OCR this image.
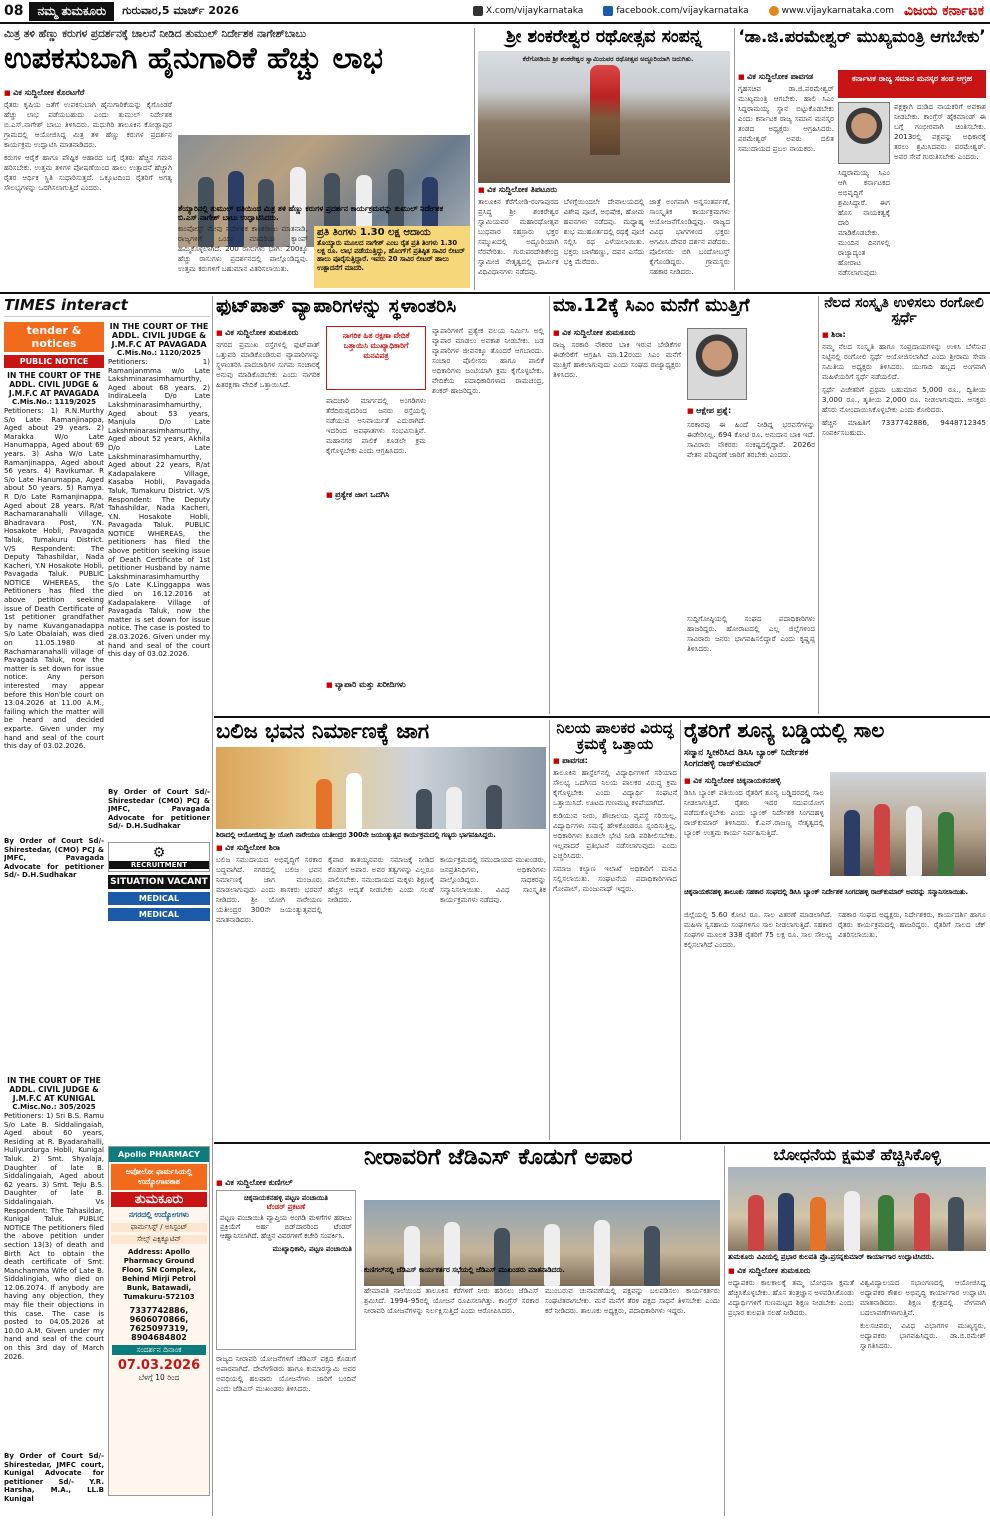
08	ನಮ್ಮ ತುಮಕೂರು	ಗುರುವಾರ,5 ಮಾರ್ಚ್ 2026	X.com/vijaykarnataka	facebook.com/vijaykarnataka	www.vijaykarnataka.com ವಿಜಯ ಕರ್ನಾಟಕ
ಮಿತ್ರ ತಳಿ ಹೆಣ್ಣು ಕರುಗಳ ಪ್ರದರ್ಶನಕ್ಕೆ ಚಾಲನೆ ನೀಡಿದ ತುಮುಲ್ ನಿರ್ದೇಶಕ ನಾಗೇಶ್‌ಬಾಬು
ಉಪಕಸುಬಾಗಿ ಹೈನುಗಾರಿಕೆ ಹೆಚ್ಚು ಲಾಭ
■ ವಿಕ ಸುದ್ದಿಲೋಕ ಕೊರಟಗೆರೆ

ರೈತರು ಕೃಷಿಯ ಜತೆಗೆ ಉಪಕಸುಬಾಗಿ ಹೈನುಗಾರಿಕೆಯನ್ನು ಕೈಗೊಂಡರೆ ಹೆಚ್ಚು ಲಾಭ ಪಡೆಯಬಹುದು ಎಂದು ತುಮುಲ್ ನಿರ್ದೇಶಕ ಬಿ.ಎಸ್.ನಾಗೇಶ್ ಬಾಬು ತಿಳಿಸಿದರು. ಮಧುಗಿರಿ ತಾಲೂಕಿನ ಕೋಡ್ಲಾಪುರ ಗ್ರಾಮದಲ್ಲಿ ಆಯೋಜಿಸಿದ್ದ ಮಿತ್ರ ತಳಿ ಹೆಣ್ಣು ಕರುಗಳ ಪ್ರದರ್ಶನ ಕಾರ್ಯಕ್ರಮ ಉದ್ಘಾಟಿಸಿ ಮಾತನಾಡಿದರು.

ಕರುಗಳ ಆರೈಕೆ ಹಾಗೂ ಪೌಷ್ಟಿಕ ಆಹಾರದ ಬಗ್ಗೆ ರೈತರು ಹೆಚ್ಚಿನ ಗಮನ ಹರಿಸಬೇಕು. ಉತ್ತಮ ತಳಿಗಳ ಪೋಷಣೆಯಿಂದ ಹಾಲು ಉತ್ಪಾದನೆ ಹೆಚ್ಚಾಗಿ ರೈತರ ಆರ್ಥಿಕ ಸ್ಥಿತಿ ಸುಧಾರಿಸುತ್ತದೆ. ಒಕ್ಕೂಟದಿಂದ ರೈತರಿಗೆ ಅಗತ್ಯ ಸೌಲಭ್ಯಗಳನ್ನು ಒದಗಿಸಲಾಗುತ್ತಿದೆ ಎಂದರು.

ತೆಯ್ಯಾರಿನಲ್ಲಿ ತುಮುಲ್ ವತಿಯಿಂದ ಮಿತ್ರ ತಳಿ ಹೆಣ್ಣು ಕರುಗಳ ಪ್ರದರ್ಶನ ಕಾರ್ಯಕ್ರಮವನ್ನು ತುಮುಲ್ ನಿರ್ದೇಶಕ ಬಿ.ಎಸ್.ನಾಗೇಶ್ ಬಾಬು ಉದ್ಘಾಟಿಸಿದರು.
ಕಾಂಪೋಸ್ಟ್ ಮೇವು ನಿರ್ದೇಶಕ ಕಾಂತರಾಜು ಮಾತನಾಡಿ, ರಾಜ್ಯಗಳಿಗೆ ಒಂದು ಮಾದರಿಯ ಕ್ಯಾಂಪ್ ಹಮ್ಮಿಕೊಳ್ಳಲಾಗಿದೆ. 200 ರಾಸುಗಳು ಭಾಗಿ: 200ಕ್ಕೂ ಹೆಚ್ಚು ರಾಸುಗಳು ಪ್ರದರ್ಶನದಲ್ಲಿ ಪಾಲ್ಗೊಂಡಿದ್ದವು. ಉತ್ತಮ ಕರುಗಳಿಗೆ ಬಹುಮಾನ ವಿತರಿಸಲಾಯಿತು.
ಪ್ರತಿ ತಿಂಗಳು 1.30 ಲಕ್ಷ ಆದಾಯ
ತೊಯ್ಯಾರು ಮೂಲದ ನಾಗೇಶ್ ಎಂಬ ರೈತ ಪ್ರತಿ ತಿಂಗಳು 1.30 ಲಕ್ಷ ರೂ. ಲಾಭ ಪಡೆಯುತ್ತಿದ್ದು, ಹೊಂಗ್‌ಗೆ ಪ್ರತಿಷ್ಠಿತ ಸಾವಿರ ಲೀಟರ್ ಹಾಲು ಪೂರೈಸುತ್ತಿದ್ದಾರೆ. ಇವರು 20 ಸಾವಿರ ಲೀಟರ್ ಹಾಲು ಉತ್ಪಾದನೆಗೆ ಮಾದರಿ.
ಶ್ರೀ ಶಂಕರೇಶ್ವರ ರಥೋತ್ಸವ ಸಂಪನ್ನ
ಕೆರೆಗೋಡಿಯ ಶ್ರೀ ಶಂಕರೇಶ್ವರ ಸ್ವಾಮಿಯವರ ರಥೋತ್ಸವ ಅದ್ದೂರಿಯಾಗಿ ಜರುಗಿತು.
■ ವಿಕ ಸುದ್ದಿಲೋಕ ತಿಪಟೂರು
ತಾಲೂಕಿನ ಕೆರೆಗೋಡಿ-ರಂಗಾಪುರದ ಪ್ರಸಿದ್ಧ ಶ್ರೀ ಶಂಕರೇಶ್ವರ ಸ್ವಾಮಿಯವರ ಮಹಾರಥೋತ್ಸವ ಬುಧವಾರ ಸಹಸ್ರಾರು ಭಕ್ತರ ಸಮ್ಮುಖದಲ್ಲಿ ಅದ್ದೂರಿಯಾಗಿ ನೆರವೇರಿತು. ಗುರುಪರದೇಶಿಕೇಂದ್ರ ಸ್ವಾಮೀಜಿ ನೇತೃತ್ವದಲ್ಲಿ ಧಾರ್ಮಿಕ ವಿಧಿವಿಧಾನಗಳು ನಡೆದವು.
ಬೆಳಗ್ಗೆಯಿಂದಲೇ ದೇವಾಲಯದಲ್ಲಿ ವಿಶೇಷ ಪೂಜೆ, ಅಭಿಷೇಕ, ಹೋಮ ಹವನಗಳು ನಡೆದವು. ಮಧ್ಯಾಹ್ನ ಶುಭ ಮುಹೂರ್ತದಲ್ಲಿ ರಥಕ್ಕೆ ಪೂಜೆ ಸಲ್ಲಿಸಿ ರಥ ಎಳೆಯಲಾಯಿತು. ಭಕ್ತರು ಬಾಳೆಹಣ್ಣು, ದವನ ಎಸೆದು ಭಕ್ತಿ ಮೆರೆದರು.
ಜಾತ್ರೆ ಅಂಗವಾಗಿ ಅನ್ನಸಂತರ್ಪಣೆ, ಸಾಂಸ್ಕೃತಿಕ ಕಾರ್ಯಕ್ರಮಗಳು ಆಯೋಜನೆಗೊಂಡಿದ್ದವು. ರಾಜ್ಯದ ವಿವಿಧ ಭಾಗಗಳಿಂದ ಭಕ್ತರು ಆಗಮಿಸಿ ದೇವರ ದರ್ಶನ ಪಡೆದರು. ಪೊಲೀಸರು ಬಿಗಿ ಬಂದೋಬಸ್ತ್ ಕೈಗೊಂಡಿದ್ದರು. ಗ್ರಾಮಸ್ಥರು ಸಹಕಾರ ನೀಡಿದರು.
‘ಡಾ.ಜಿ.ಪರಮೇಶ್ವರ್ ಮುಖ್ಯಮಂತ್ರಿ ಆಗಬೇಕು’
■ ವಿಕ ಸುದ್ದಿಲೋಕ ಪಾವಗಡ
ಗೃಹಸಚಿವ ಡಾ.ಜಿ.ಪರಮೇಶ್ವರ್ ಮುಖ್ಯಮಂತ್ರಿ ಆಗಬೇಕು. ಹಾಲಿ ಸಿಎಂ ಸಿದ್ದರಾಮಯ್ಯ ಸ್ಥಾನ ಬಿಟ್ಟುಕೊಡಬೇಕು ಎಂದು ಕರ್ನಾಟಕ ರಾಜ್ಯ ಸಮಾನ ಮನಸ್ಕರ ತಂಡದ ಅಧ್ಯಕ್ಷರು ಆಗ್ರಹಿಸಿದರು. ಪರಮೇಶ್ವರ್ ಅವರು ದಲಿತ ಸಮುದಾಯದ ಪ್ರಬಲ ನಾಯಕರು.
ಕರ್ನಾಟಕ ರಾಜ್ಯ ಸಮಾನ ಮನಸ್ಕರ ತಂಡ ಆಗ್ರಹ
ಪಕ್ಷಕ್ಕಾಗಿ ದುಡಿದ ನಾಯಕರಿಗೆ ಅವಕಾಶ ನೀಡಬೇಕು. ಕಾಂಗ್ರೆಸ್ ಹೈಕಮಾಂಡ್ ಈ ಬಗ್ಗೆ ಗಂಭೀರವಾಗಿ ಚಿಂತಿಸಬೇಕು. 2013ರಲ್ಲಿ ಪಕ್ಷವನ್ನು ಅಧಿಕಾರಕ್ಕೆ ತರಲು ಶ್ರಮಿಸಿದವರು ಪರಮೇಶ್ವರ್. ಅವರ ಸೇವೆ ಗುರುತಿಸಬೇಕು ಎಂದರು.
ಸಿದ್ದರಾಮಯ್ಯ ಸಿಎಂ ಆಗಿ ಕರ್ನಾಟಕದ ಅಭಿವೃದ್ಧಿಗೆ ಶ್ರಮಿಸಿದ್ದಾರೆ. ಈಗ ಹೊಸ ನಾಯಕತ್ವಕ್ಕೆ ದಾರಿ ಮಾಡಿಕೊಡಬೇಕು. ಮುಂದಿನ ದಿನಗಳಲ್ಲಿ ರಾಜ್ಯಾದ್ಯಂತ ಹೋರಾಟ ನಡೆಸಲಾಗುವುದು
TIMES interact
tender & notices
PUBLIC NOTICE
IN THE COURT OF THE ADDL. CIVIL JUDGE & J.M.F.C AT PAVAGADA
C.Mis.No.: 1119/2025
Petitioners: 1) R.N.Murthy S/o Late Ramanjinappa, Aged about 29 years. 2) Marakka W/o Late Hanumappa, Aged about 69 years. 3) Asha W/o Late Ramanjinappa, Aged about 56 years. 4) Ravikumar. R S/o Late Hanumappa, Aged about 50 years. 5) Ramya. R D/o Late Ramanjinappa, Aged about 28 years. R/at Rachamaranahalli Village, Bhadravara Post, Y.N. Hosakote Hobli, Pavagada Taluk, Tumakuru District. V/S Respondent: The Deputy Tahashildar, Nada Kacheri, Y.N Hosakote Hobli, Pavagada Taluk. PUBLIC NOTICE WHEREAS, the Petitioners has filed the above petition seeking issue of Death Certificate of 1st petitioner grandfather by name Kuvanganadappa S/o Late Obalaiah, was died on 11.05.1980 at Rachamaranahalli village of Pavagada Taluk, now the matter is set down for issue notice. Any person interested may appear before this Hon'ble court on 13.04.2026 at 11.00 A.M., failing which the matter will be heard and decided exparte. Given under my hand and seal of the court this day of 03.02.2026.
By Order of Court Sd/- Shirestedar, (CMO) PCJ & JMFC, Pavagada Advocate for petitioner Sd/- D.H.Sudhakar
IN THE COURT OF THE ADDL. CIVIL JUDGE & J.M.F.C AT PAVAGADA
C.Mis.No.: 1120/2025
Petitioners: 1) Ramanjanmma w/o Late Lakshminarasimhamurthy, Aged about 68 years. 2) IndiraLeela D/o Late Lakshminarasimhamurthy, Aged about 53 years, Manjula D/o Late Lakshminarasimhamurthy, Aged about 52 years, Akhila D/o Late Lakshminarasimhamurthy, Aged about 22 years, R/at Kadapalakere Village, Kasaba Hobli, Pavagada Taluk, Tumakuru District. V/S Respondent: The Deputy Tahashildar, Nada Kacheri, Y.N. Hosakote Hobli, Pavagada Taluk. PUBLIC NOTICE WHEREAS, the petitioners has filed the above petition seeking issue of Death Certificate of 1st petitioner Husband by name Lakshminarasimhamurthy S/o Late K.Linggappa was died on 16.12.2016 at Kadapalakere Village of Pavagada Taluk, now the matter is set down for issue notice. The case is posted to 28.03.2026. Given under my hand and seal of the court this day of 03.02.2026.
By Order of Court Sd/- Shirestedar (CMO) PCJ & JMFC, Pavagada Advocate for petitioner Sd/- D.H.Sudhakar
⚙
RECRUITMENT
SITUATION VACANT
MEDICAL
MEDICAL
IN THE COURT OF THE ADDL. CIVIL JUDGE & J.M.F.C AT KUNIGAL
C.Misc.No.: 305/2025
Petitioners: 1) Sri B.S. Ramu S/o Late B. Siddalingaiah, Aged about 60 years, Residing at R. Byadarahalli, Huliyurdurga Hobli, Kunigal Taluk. 2) Smt. Shyalaja, Daughter of late B. Siddalingaiah, Aged about 62 years. 3) Smt. Teju B.S. Daughter of late B. Siddalingaiah. Vs Respondent: The Tahasildar, Kunigal Taluk. PUBLIC NOTICE The petitioners filed the above petition under section 13(3) of death and Birth Act to obtain the death certificate of Smt. Manchamma Wife of Late B. Siddalingiah, who died on 12.06.2074. If anybody are having any objection, they may file their objections in this case. The case is posted to 04.05.2026 at 10.00 A.M. Given under my hand and seal of the court on this 3rd day of March 2026.
By Order of Court Sd/- Shirestedar, JMFC court, Kunigal Advocate for petitioner Sd/- Y.R. Harsha, M.A., LL.B Kunigal
Apollo PHARMACY
ಅಪೋಲೋ ಫಾರ್ಮಸಿಯಲ್ಲಿ ಉದ್ಯೋಗಾವಕಾಶ
ತುಮಕೂರು
ನಗರದಲ್ಲಿ ಉದ್ಯೋಗಗಳು
ಫಾರ್ಮಸಿಸ್ಟ್ / ಅಸಿಸ್ಟಂಟ್
ಸೇಲ್ಸ್ ಎಕ್ಸಿಕ್ಯೂಟಿವ್
Address: Apollo Pharmacy Ground Floor, SN Complex, Behind Mirji Petrol Bunk, Batawadi, Tumakuru-572103
7337742886, 9606070866, 7625097319, 8904684802
ಸಂದರ್ಶನ ದಿನಾಂಕ
07.03.2026
ಬೆಳಗ್ಗೆ 10 ರಿಂದ
ಫುಟ್‌ಪಾತ್ ವ್ಯಾಪಾರಿಗಳನ್ನು ಸ್ಥಳಾಂತರಿಸಿ
■ ವಿಕ ಸುದ್ದಿಲೋಕ ತುಮಕೂರು
ನಗರದ ಪ್ರಮುಖ ರಸ್ತೆಗಳಲ್ಲಿ ಫುಟ್‌ಪಾತ್ ಒತ್ತುವರಿ ಮಾಡಿಕೊಂಡಿರುವ ವ್ಯಾಪಾರಿಗಳನ್ನು ಸ್ಥಳಾಂತರಿಸಿ ಪಾದಚಾರಿಗಳ ಸುಗಮ ಸಂಚಾರಕ್ಕೆ ಅನುವು ಮಾಡಿಕೊಡಬೇಕು ಎಂದು ನಾಗರಿಕ ಹಿತರಕ್ಷಣಾ ವೇದಿಕೆ ಒತ್ತಾಯಿಸಿದೆ.
ನಾಗರಿಕ ಹಿತ ರಕ್ಷಣಾ ವೇದಿಕೆ ಒತ್ತಾಯಿಸಿ ಮುಖ್ಯಾಧಿಕಾರಿಗೆ ಮನವಿಪತ್ರ
ಪಾದಚಾರಿ ಮಾರ್ಗದಲ್ಲಿ ಅಂಗಡಿಗಳು ತೆರೆದಿರುವುದರಿಂದ ಜನರು ರಸ್ತೆಯಲ್ಲಿ ನಡೆಯುವ ಅನಿವಾರ್ಯತೆ ಎದುರಾಗಿದೆ. ಇದರಿಂದ ಅಪಘಾತಗಳು ಸಂಭವಿಸುತ್ತಿವೆ. ಮಹಾನಗರ ಪಾಲಿಕೆ ಕೂಡಲೇ ಕ್ರಮ ಕೈಗೊಳ್ಳಬೇಕು ಎಂದು ಆಗ್ರಹಿಸಿದರು.
■ ಪ್ರತ್ಯೇಕ ಜಾಗ ಒದಗಿಸಿ
■ ವ್ಯಾಪಾರಿ ಮತ್ತು ಖರೀದಿಗಳು
ವ್ಯಾಪಾರಿಗಳಿಗೆ ಪ್ರತ್ಯೇಕ ವಲಯ ನಿರ್ಮಿಸಿ ಅಲ್ಲಿ ವ್ಯಾಪಾರ ಮಾಡಲು ಅವಕಾಶ ನೀಡಬೇಕು. ಬಡ ವ್ಯಾಪಾರಿಗಳ ಜೀವನಕ್ಕೂ ತೊಂದರೆ ಆಗಬಾರದು. ಸಂಚಾರ ಪೊಲೀಸರು ಹಾಗೂ ಪಾಲಿಕೆ ಅಧಿಕಾರಿಗಳು ಜಂಟಿಯಾಗಿ ಕ್ರಮ ಕೈಗೊಳ್ಳಬೇಕು. ವೇದಿಕೆಯ ಪದಾಧಿಕಾರಿಗಳಾದ ರಾಮಚಂದ್ರ, ಶಂಕರ್ ಹಾಜರಿದ್ದರು.
ಮಾ.12ಕ್ಕೆ ಸಿಎಂ ಮನೆಗೆ ಮುತ್ತಿಗೆ
■ ವಿಕ ಸುದ್ದಿಲೋಕ ತುಮಕೂರು
ರಾಜ್ಯ ಸರಕಾರಿ ನೌಕರರ ಬಾಕಿ ಇರುವ ಬೇಡಿಕೆಗಳ ಈಡೇರಿಕೆಗೆ ಆಗ್ರಹಿಸಿ ಮಾ.12ರಂದು ಸಿಎಂ ಮನೆಗೆ ಮುತ್ತಿಗೆ ಹಾಕಲಾಗುವುದು ಎಂದು ಸಂಘದ ರಾಜ್ಯಾಧ್ಯಕ್ಷರು ತಿಳಿಸಿದರು.
■ ಆಕ್ಷೇಪ ಪ್ರಶ್ನೆ:
ಸರಕಾರವು ಈ ಹಿಂದೆ ನೀಡಿದ್ದ ಭರವಸೆಗಳನ್ನು ಈಡೇರಿಸಿಲ್ಲ. 694 ಕೋಟಿ ರೂ. ಅನುದಾನ ಬಾಕಿ ಇದೆ. ಸಾವಿರಾರು ನೌಕರರು ಸಂಕಷ್ಟದಲ್ಲಿದ್ದಾರೆ. 2026ರ ವೇತನ ಪರಿಷ್ಕರಣೆ ಜಾರಿಗೆ ತರಬೇಕು ಎಂದರು.
ಸುದ್ದಿಗೋಷ್ಠಿಯಲ್ಲಿ ಸಂಘದ ಪದಾಧಿಕಾರಿಗಳು ಹಾಜರಿದ್ದರು. ಹೋರಾಟದಲ್ಲಿ ಎಲ್ಲ ಜಿಲ್ಲೆಗಳಿಂದ ಸಾವಿರಾರು ಜನರು ಭಾಗವಹಿಸಲಿದ್ದಾರೆ ಎಂದು ಕೃಷ್ಣಪ್ಪ ತಿಳಿಸಿದರು.
ನೆಲದ ಸಂಸ್ಕೃತಿ ಉಳಿಸಲು ರಂಗೋಲಿ ಸ್ಪರ್ಧೆ
■ ಶಿರಾ:

ನಮ್ಮ ನೆಲದ ಸಂಸ್ಕೃತಿ ಹಾಗೂ ಸಂಪ್ರದಾಯಗಳನ್ನು ಉಳಿಸಿ ಬೆಳೆಸುವ ನಿಟ್ಟಿನಲ್ಲಿ ರಂಗೋಲಿ ಸ್ಪರ್ಧೆ ಆಯೋಜಿಸಲಾಗಿದೆ ಎಂದು ಶ್ರೀರಾಮ ಸೇವಾ ಸಮಿತಿಯ ಅಧ್ಯಕ್ಷರು ತಿಳಿಸಿದರು. ಯುಗಾದಿ ಹಬ್ಬದ ಅಂಗವಾಗಿ ಮಹಿಳೆಯರಿಗೆ ಸ್ಪರ್ಧೆ ನಡೆಯಲಿದೆ.

ಸ್ಪರ್ಧೆ ವಿಜೇತರಿಗೆ ಪ್ರಥಮ ಬಹುಮಾನ 5,000 ರೂ., ದ್ವಿತೀಯ 3,000 ರೂ., ತೃತೀಯ 2,000 ರೂ. ನೀಡಲಾಗುವುದು. ಆಸಕ್ತರು ಹೆಸರು ನೋಂದಾಯಿಸಿಕೊಳ್ಳಬೇಕು ಎಂದು ಕೋರಿದರು.

ಹೆಚ್ಚಿನ ಮಾಹಿತಿಗೆ 7337742886, 9448712345 ಸಂಪರ್ಕಿಸಬಹುದು.

ಬಲಿಜ ಭವನ ನಿರ್ಮಾಣಕ್ಕೆ ಜಾಗ
ಶಿರಾದಲ್ಲಿ ಆಯೋಜಿಸಿದ್ದ ಶ್ರೀ ಯೋಗಿ ನಾರೇಯಣ ಯತೀಂದ್ರರ 300ನೇ ಜಯಂತ್ಯುತ್ಸವ ಕಾರ್ಯಕ್ರಮದಲ್ಲಿ ಗಣ್ಯರು ಭಾಗವಹಿಸಿದ್ದರು.
■ ವಿಕ ಸುದ್ದಿಲೋಕ ಶಿರಾ
ಬಲಿಜ ಸಮುದಾಯದ ಅಭಿವೃದ್ಧಿಗೆ ಸರಕಾರ ಬದ್ಧವಾಗಿದೆ. ನಗರದಲ್ಲಿ ಬಲಿಜ ಭವನ ನಿರ್ಮಾಣಕ್ಕೆ ಜಾಗ ಮಂಜೂರು ಮಾಡಲಾಗುವುದು ಎಂದು ಶಾಸಕರು ಭರವಸೆ ನೀಡಿದರು. ಶ್ರೀ ಯೋಗಿ ನಾರೇಯಣ ಯತೀಂದ್ರರ 300ನೇ ಜಯಂತ್ಯುತ್ಸವದಲ್ಲಿ ಮಾತನಾಡಿದರು.
ಕೈವಾರ ತಾತಯ್ಯನವರು ಸಮಾಜಕ್ಕೆ ನೀಡಿದ ಕೊಡುಗೆ ಅಪಾರ. ಅವರ ತತ್ವಗಳನ್ನು ಎಲ್ಲರೂ ಪಾಲಿಸಬೇಕು. ಸಮುದಾಯದ ಮಕ್ಕಳು ಶಿಕ್ಷಣಕ್ಕೆ ಹೆಚ್ಚಿನ ಆದ್ಯತೆ ನೀಡಬೇಕು ಎಂದು ಸಲಹೆ ನೀಡಿದರು.
ಕಾರ್ಯಕ್ರಮದಲ್ಲಿ ಸಮುದಾಯದ ಮುಖಂಡರು, ಜನಪ್ರತಿನಿಧಿಗಳು, ಅಧಿಕಾರಿಗಳು ಪಾಲ್ಗೊಂಡಿದ್ದರು. ಸಾಧಕರನ್ನು ಸನ್ಮಾನಿಸಲಾಯಿತು. ವಿವಿಧ ಸಾಂಸ್ಕೃತಿಕ ಕಾರ್ಯಕ್ರಮಗಳು ನಡೆದವು.
ನಿಲಯ ಪಾಲಕರ ವಿರುದ್ಧ ಕ್ರಮಕ್ಕೆ ಒತ್ತಾಯ
■ ಪಾವಗಡ:

ತಾಲೂಕಿನ ಹಾಸ್ಟೆಲ್‌ನಲ್ಲಿ ವಿದ್ಯಾರ್ಥಿಗಳಿಗೆ ಸರಿಯಾದ ಸೌಲಭ್ಯ ಒದಗಿಸದ ನಿಲಯ ಪಾಲಕರ ವಿರುದ್ಧ ಕ್ರಮ ಕೈಗೊಳ್ಳಬೇಕು ಎಂದು ವಿದ್ಯಾರ್ಥಿ ಸಂಘಟನೆ ಒತ್ತಾಯಿಸಿದೆ. ಊಟದ ಗುಣಮಟ್ಟ ಕಳಪೆಯಾಗಿದೆ.

ಕುಡಿಯುವ ನೀರು, ಶೌಚಾಲಯ ವ್ಯವಸ್ಥೆ ಸರಿಯಿಲ್ಲ. ವಿದ್ಯಾರ್ಥಿಗಳು ಸಮಸ್ಯೆ ಹೇಳಿಕೊಂಡರೂ ಸ್ಪಂದಿಸುತ್ತಿಲ್ಲ. ಅಧಿಕಾರಿಗಳು ಕೂಡಲೇ ಭೇಟಿ ನೀಡಿ ಪರಿಶೀಲಿಸಬೇಕು. ಇಲ್ಲವಾದರೆ ಪ್ರತಿಭಟನೆ ನಡೆಸಲಾಗುವುದು ಎಂದು ಎಚ್ಚರಿಸಿದರು.

ಸಮಾಜ ಕಲ್ಯಾಣ ಇಲಾಖೆ ಅಧಿಕಾರಿಗೆ ಮನವಿ ಸಲ್ಲಿಸಲಾಯಿತು. ಸಂಘಟನೆಯ ಪದಾಧಿಕಾರಿಗಳಾದ ಗೋಪಾಲ್, ಮಂಜುನಾಥ್ ಇದ್ದರು.

ರೈತರಿಗೆ ಶೂನ್ಯ ಬಡ್ಡಿಯಲ್ಲಿ ಸಾಲ
ಸನ್ಮಾನ ಸ್ವೀಕರಿಸಿದ ಡಿಸಿಸಿ ಬ್ಯಾಂಕ್ ನಿರ್ದೇಶಕ ಸಿಂಗದಹಳ್ಳಿ ರಾಜ್‌ಕುಮಾರ್
■ ವಿಕ ಸುದ್ದಿಲೋಕ ಚಿಕ್ಕನಾಯಕನಹಳ್ಳಿ
ಡಿಸಿಸಿ ಬ್ಯಾಂಕ್ ವತಿಯಿಂದ ರೈತರಿಗೆ ಶೂನ್ಯ ಬಡ್ಡಿದರದಲ್ಲಿ ಸಾಲ ನೀಡಲಾಗುತ್ತಿದೆ. ರೈತರು ಇದರ ಸದುಪಯೋಗ ಪಡೆದುಕೊಳ್ಳಬೇಕು ಎಂದು ಬ್ಯಾಂಕ್ ನಿರ್ದೇಶಕ ಸಿಂಗದಹಳ್ಳಿ ರಾಜ್‌ಕುಮಾರ್ ತಿಳಿಸಿದರು. ಕೆ.ಎನ್.ರಾಜಣ್ಣ ನೇತೃತ್ವದಲ್ಲಿ ಬ್ಯಾಂಕ್ ಉತ್ತಮ ಕಾರ್ಯ ನಿರ್ವಹಿಸುತ್ತಿದೆ.
ಚಿಕ್ಕನಾಯಕನಹಳ್ಳಿ ತಾಲೂಕು ಸಹಕಾರ ಸಂಘದಲ್ಲಿ ಡಿಸಿಸಿ ಬ್ಯಾಂಕ್ ನಿರ್ದೇಶಕ ಸಿಂಗದಹಳ್ಳಿ ರಾಜ್‌ಕುಮಾರ್ ಅವರನ್ನು ಸನ್ಮಾನಿಸಲಾಯಿತು.
ಜಿಲ್ಲೆಯಲ್ಲಿ 5.60 ಕೋಟಿ ರೂ. ಸಾಲ ವಿತರಣೆ ಮಾಡಲಾಗಿದೆ. ಮಹಿಳಾ ಸ್ವಸಹಾಯ ಸಂಘಗಳಿಗೂ ಸಾಲ ನೀಡಲಾಗುತ್ತಿದೆ. ಸಹಕಾರ ಸಂಘಗಳ ಮೂಲಕ 338 ರೈತರಿಗೆ 75 ಲಕ್ಷ ರೂ. ಸಾಲ ಸೌಲಭ್ಯ ಕಲ್ಪಿಸಲಾಗಿದೆ ಎಂದರು.
ಸಹಕಾರ ಸಂಘದ ಅಧ್ಯಕ್ಷರು, ನಿರ್ದೇಶಕರು, ಕಾರ್ಯದರ್ಶಿ ಹಾಗೂ ರೈತರು ಕಾರ್ಯಕ್ರಮದಲ್ಲಿ ಹಾಜರಿದ್ದರು. ರೈತರಿಗೆ ಸಾಲದ ಚೆಕ್ ವಿತರಿಸಲಾಯಿತು.
ನೀರಾವರಿಗೆ ಜೆಡಿಎಸ್ ಕೊಡುಗೆ ಅಪಾರ
■ ವಿಕ ಸುದ್ದಿಲೋಕ ಕುಣಿಗಲ್
ಚಿಕ್ಕನಾಯಕನಹಳ್ಳಿ ಪಟ್ಟಣ ಪಂಚಾಯಿತಿ
ಟೆಂಡರ್ ಪ್ರಕಟಣೆ
ಪಟ್ಟಣ ಪಂಚಾಯಿತಿ ವ್ಯಾಪ್ತಿಯ ಅಂಗಡಿ ಮಳಿಗೆಗಳ ಹರಾಜು ಪ್ರಕ್ರಿಯೆಗೆ ಅರ್ಹ ಬಿಡ್‌ದಾರರಿಂದ ಟೆಂಡರ್ ಆಹ್ವಾನಿಸಲಾಗಿದೆ. ಹೆಚ್ಚಿನ ವಿವರಗಳಿಗೆ ಕಚೇರಿ ಸಂಪರ್ಕಿಸಿ.
ಮುಖ್ಯಾಧಿಕಾರಿ, ಪಟ್ಟಣ ಪಂಚಾಯಿತಿ
ರಾಜ್ಯದ ನೀರಾವರಿ ಯೋಜನೆಗಳಿಗೆ ಜೆಡಿಎಸ್ ಪಕ್ಷದ ಕೊಡುಗೆ ಅಪಾರವಾಗಿದೆ. ದೇವೇಗೌಡರು ಹಾಗೂ ಕುಮಾರಸ್ವಾಮಿ ಅವರ ಅವಧಿಯಲ್ಲಿ ಹಲವಾರು ಯೋಜನೆಗಳು ಜಾರಿಗೆ ಬಂದಿವೆ ಎಂದು ಜೆಡಿಎಸ್ ಮುಖಂಡರು ತಿಳಿಸಿದರು.
ಕುಣಿಗಲ್‌ನಲ್ಲಿ ಜೆಡಿಎಸ್ ಕಾರ್ಯಕರ್ತರ ಸಭೆಯಲ್ಲಿ ಜೆಡಿಎಸ್ ಮುಖಂಡರು ಮಾತನಾಡಿದರು.
ಹೇಮಾವತಿ ನಾಲೆಯಿಂದ ತಾಲೂಕಿನ ಕೆರೆಗಳಿಗೆ ನೀರು ಹರಿಸಲು ಜೆಡಿಎಸ್ ಶ್ರಮಿಸಿದೆ. 1994-95ರಲ್ಲಿ ಯೋಜನೆ ರೂಪಿಸಲಾಗಿತ್ತು. ಕಾಂಗ್ರೆಸ್ ಸರಕಾರ ನೀರಾವರಿ ಯೋಜನೆಗಳನ್ನು ನಿರ್ಲಕ್ಷಿಸುತ್ತಿದೆ ಎಂದು ಆರೋಪಿಸಿದರು.
ಮುಂಬರುವ ಚುನಾವಣೆಯಲ್ಲಿ ಪಕ್ಷವನ್ನು ಬಲಪಡಿಸಲು ಕಾರ್ಯಕರ್ತರು ಸಂಘಟಿತರಾಗಬೇಕು. ಮನೆ ಮನೆಗೆ ತೆರಳಿ ಪಕ್ಷದ ಸಾಧನೆ ತಿಳಿಸಬೇಕು ಎಂದು ಕರೆ ನೀಡಿದರು. ತಾಲೂಕು ಅಧ್ಯಕ್ಷರು, ಪದಾಧಿಕಾರಿಗಳು ಇದ್ದರು.
ಬೋಧನೆಯ ಕ್ಷಮತೆ ಹೆಚ್ಚಿಸಿಕೊಳ್ಳಿ
ತುಮಕೂರು ವಿವಿಯಲ್ಲಿ ಪ್ರಭಾರ ಕುಲಪತಿ ಪ್ರೊ.ಪ್ರಸನ್ನಕುಮಾರ್ ಕಾರ್ಯಾಗಾರ ಉದ್ಘಾಟಿಸಿದರು.
■ ವಿಕ ಸುದ್ದಿಲೋಕ ತುಮಕೂರು

ಅಧ್ಯಾಪಕರು ಕಾಲಕಾಲಕ್ಕೆ ತಮ್ಮ ಬೋಧನಾ ಕ್ಷಮತೆ ಹೆಚ್ಚಿಸಿಕೊಳ್ಳಬೇಕು. ಹೊಸ ತಂತ್ರಜ್ಞಾನ ಅಳವಡಿಸಿಕೊಂಡು ವಿದ್ಯಾರ್ಥಿಗಳಿಗೆ ಗುಣಮಟ್ಟದ ಶಿಕ್ಷಣ ನೀಡಬೇಕು ಎಂದು ಪ್ರಭಾರ ಕುಲಪತಿ ಸಲಹೆ ನೀಡಿದರು.

ವಿಶ್ವವಿದ್ಯಾಲಯದ ಸಭಾಂಗಣದಲ್ಲಿ ಆಯೋಜಿಸಿದ್ದ ಅಧ್ಯಾಪಕರ ಕೌಶಲ ಅಭಿವೃದ್ಧಿ ಕಾರ್ಯಾಗಾರ ಉದ್ಘಾಟಿಸಿ ಮಾತನಾಡಿದರು. ಶಿಕ್ಷಣ ಕ್ಷೇತ್ರದಲ್ಲಿ ವೇಗವಾಗಿ ಬದಲಾವಣೆಗಳಾಗುತ್ತಿವೆ.

ಕುಲಸಚಿವರು, ವಿವಿಧ ವಿಭಾಗಗಳ ಮುಖ್ಯಸ್ಥರು, ಅಧ್ಯಾಪಕರು ಭಾಗವಹಿಸಿದ್ದರು. ಡಾ.ಬಿ.ರಮೇಶ್ ಸ್ವಾಗತಿಸಿದರು.
